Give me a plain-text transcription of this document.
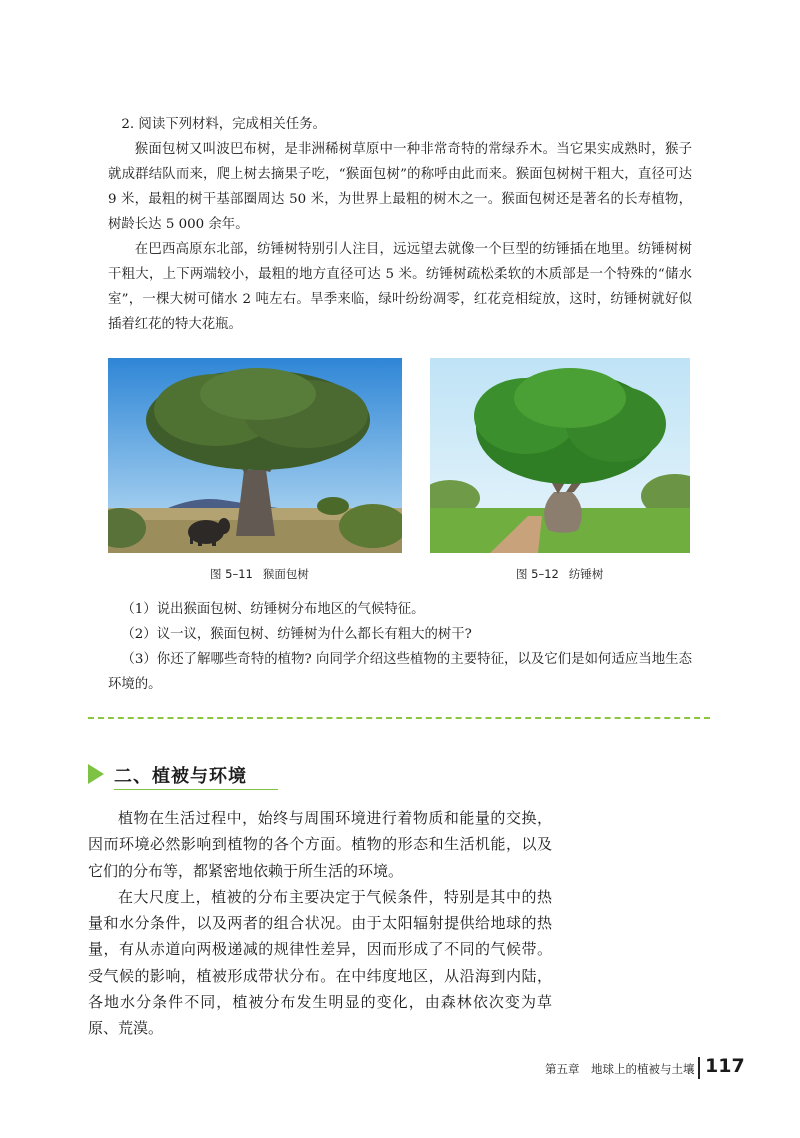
2. 阅读下列材料，完成相关任务。

猴面包树又叫波巴布树，是非洲稀树草原中一种非常奇特的常绿乔木。当它果实成熟时，猴子就成群结队而来，爬上树去摘果子吃，“猴面包树”的称呼由此而来。猴面包树树干粗大，直径可达 9 米，最粗的树干基部圈周达 50 米，为世界上最粗的树木之一。猴面包树还是著名的长寿植物，树龄长达 5 000 余年。

在巴西高原东北部，纺锤树特别引人注目，远远望去就像一个巨型的纺锤插在地里。纺锤树树干粗大，上下两端较小，最粗的地方直径可达 5 米。纺锤树疏松柔软的木质部是一个特殊的“储水室”，一棵大树可储水 2 吨左右。旱季来临，绿叶纷纷凋零，红花竞相绽放，这时，纺锤树就好似插着红花的特大花瓶。

图 5–11 猴面包树	图 5–12 纺锤树

（1）说出猴面包树、纺锤树分布地区的气候特征。

（2）议一议，猴面包树、纺锤树为什么都长有粗大的树干?

（3）你还了解哪些奇特的植物? 向同学介绍这些植物的主要特征，以及它们是如何适应当地生态环境的。

二、植被与环境

植物在生活过程中，始终与周围环境进行着物质和能量的交换，因而环境必然影响到植物的各个方面。植物的形态和生活机能，以及它们的分布等，都紧密地依赖于所生活的环境。

在大尺度上，植被的分布主要决定于气候条件，特别是其中的热量和水分条件，以及两者的组合状况。由于太阳辐射提供给地球的热量，有从赤道向两极递减的规律性差异，因而形成了不同的气候带。受气候的影响，植被形成带状分布。在中纬度地区，从沿海到内陆，各地水分条件不同，植被分布发生明显的变化，由森林依次变为草原、荒漠。

第五章　地球上的植被与土壤 117
